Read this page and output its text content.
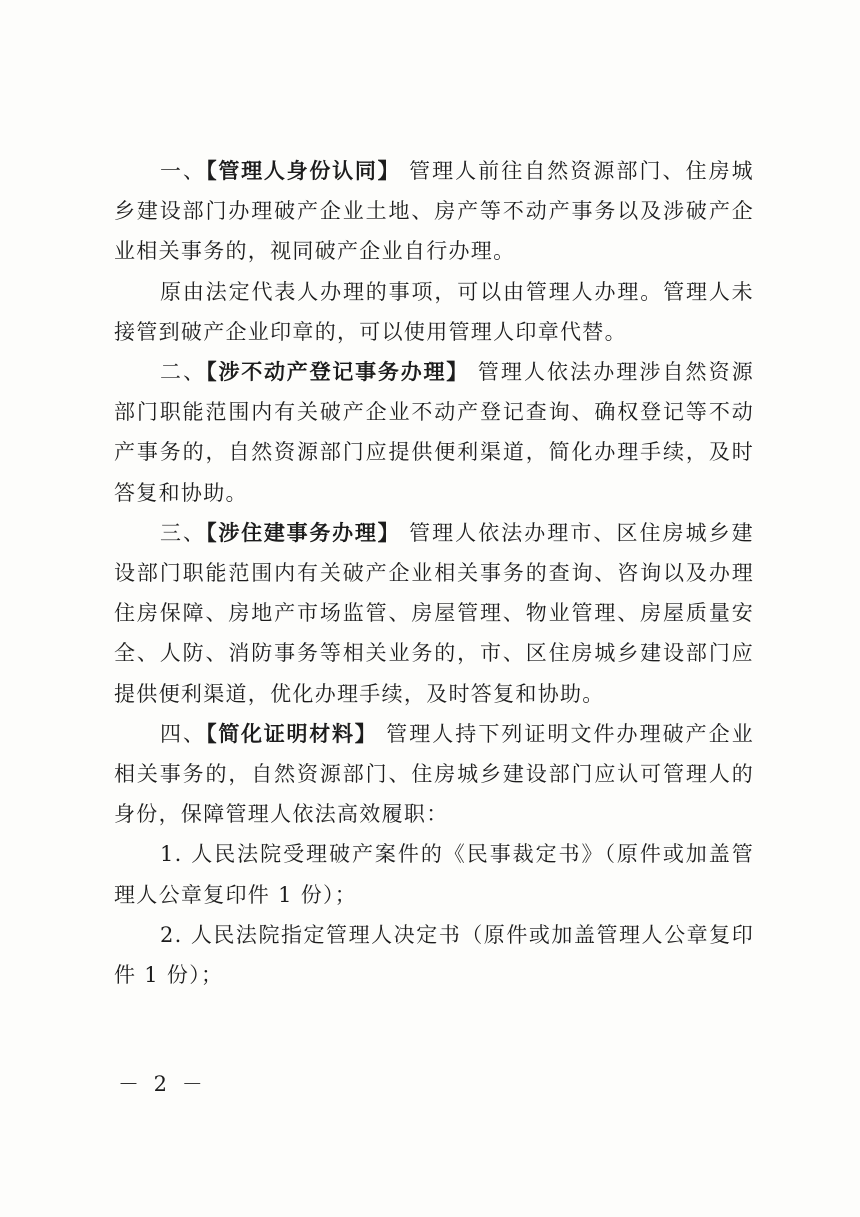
一、【管理人身份认同】 管理人前往自然资源部门、住房城乡建设部门办理破产企业土地、房产等不动产事务以及涉破产企业相关事务的，视同破产企业自行办理。

原由法定代表人办理的事项，可以由管理人办理。管理人未接管到破产企业印章的，可以使用管理人印章代替。

二、【涉不动产登记事务办理】 管理人依法办理涉自然资源部门职能范围内有关破产企业不动产登记查询、确权登记等不动产事务的，自然资源部门应提供便利渠道，简化办理手续，及时答复和协助。

三、【涉住建事务办理】 管理人依法办理市、区住房城乡建设部门职能范围内有关破产企业相关事务的查询、咨询以及办理住房保障、房地产市场监管、房屋管理、物业管理、房屋质量安全、人防、消防事务等相关业务的，市、区住房城乡建设部门应提供便利渠道，优化办理手续，及时答复和协助。

四、【简化证明材料】 管理人持下列证明文件办理破产企业相关事务的，自然资源部门、住房城乡建设部门应认可管理人的身份，保障管理人依法高效履职：

1. 人民法院受理破产案件的《民事裁定书》（原件或加盖管理人公章复印件 1 份）；

2. 人民法院指定管理人决定书（原件或加盖管理人公章复印件 1 份）；

－ 2 －
